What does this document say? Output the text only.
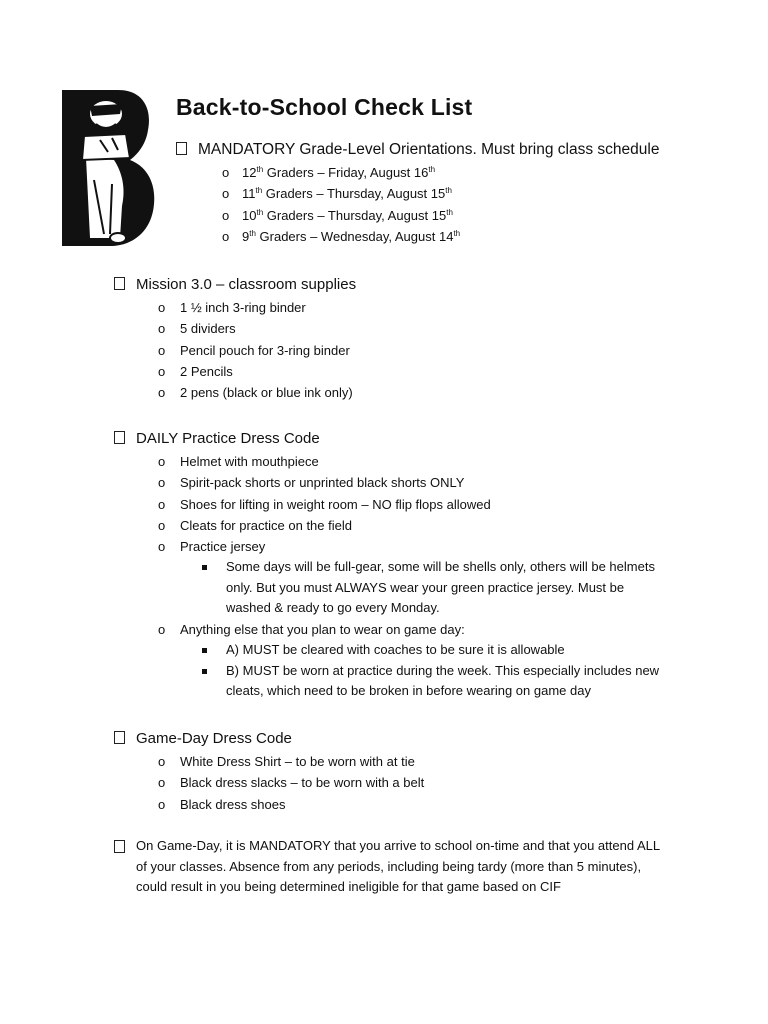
Back-to-School Check List
MANDATORY Grade-Level Orientations. Must bring class schedule
o 12th Graders – Friday, August 16th
o 11th Graders – Thursday, August 15th
o 10th Graders – Thursday, August 15th
o 9th Graders – Wednesday, August 14th
Mission 3.0 – classroom supplies
o 1 ½ inch 3-ring binder
o 5 dividers
o Pencil pouch for 3-ring binder
o 2 Pencils
o 2 pens (black or blue ink only)
DAILY Practice Dress Code
o Helmet with mouthpiece
o Spirit-pack shorts or unprinted black shorts ONLY
o Shoes for lifting in weight room – NO flip flops allowed
o Cleats for practice on the field
o Practice jersey
Some days will be full-gear, some will be shells only, others will be helmets only. But you must ALWAYS wear your green practice jersey. Must be washed & ready to go every Monday.
o Anything else that you plan to wear on game day:
A) MUST be cleared with coaches to be sure it is allowable
B) MUST be worn at practice during the week. This especially includes new cleats, which need to be broken in before wearing on game day
Game-Day Dress Code
o White Dress Shirt – to be worn with at tie
o Black dress slacks – to be worn with a belt
o Black dress shoes

On Game-Day, it is MANDATORY that you arrive to school on-time and that you attend ALL of your classes. Absence from any periods, including being tardy (more than 5 minutes), could result in you being determined ineligible for that game based on CIF
